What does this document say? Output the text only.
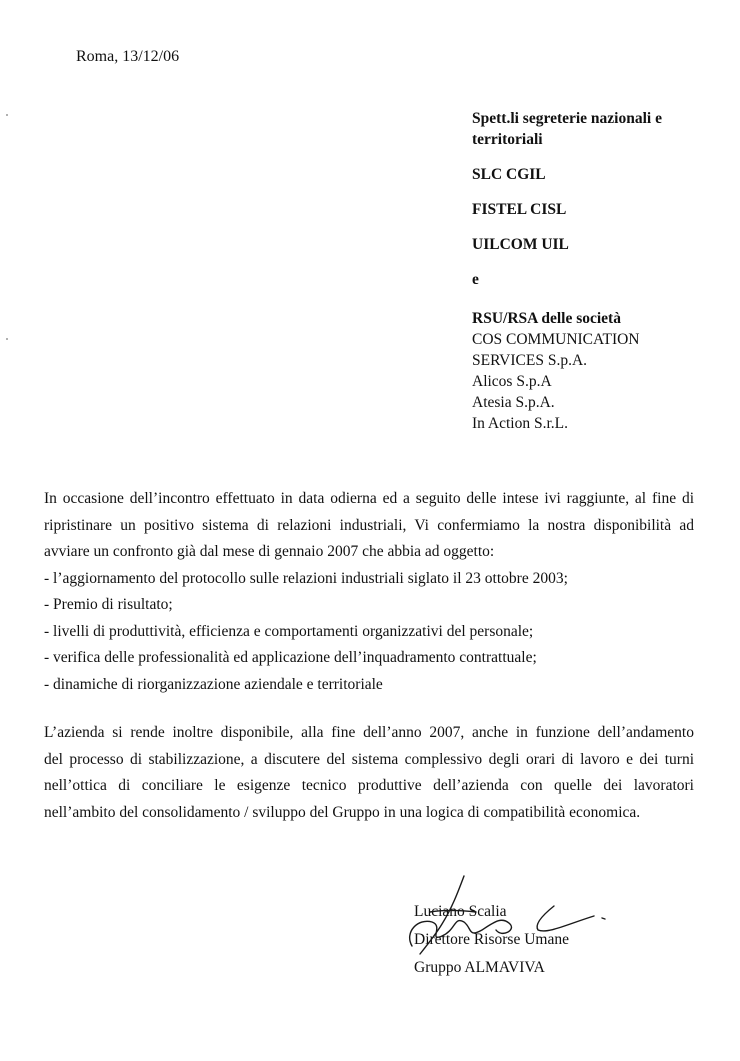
Roma, 13/12/06
Spett.li segreterie nazionali e
territoriali
SLC CGIL
FISTEL CISL
UILCOM UIL
e
RSU/RSA delle società
COS COMMUNICATION
SERVICES S.p.A.
Alicos S.p.A
Atesia S.p.A.
In Action S.r.L.

In occasione dell’incontro effettuato in data odierna ed a seguito delle intese ivi raggiunte, al fine di
ripristinare un positivo sistema di relazioni industriali, Vi confermiamo la nostra disponibilità ad
avviare un confronto già dal mese di gennaio 2007 che abbia ad oggetto:

- l’aggiornamento del protocollo sulle relazioni industriali siglato il 23 ottobre 2003;
- Premio di risultato;
- livelli di produttività, efficienza e comportamenti organizzativi del personale;
- verifica delle professionalità ed applicazione dell’inquadramento contrattuale;
- dinamiche di riorganizzazione aziendale e territoriale

L’azienda si rende inoltre disponibile, alla fine dell’anno 2007, anche in funzione dell’andamento
del processo di stabilizzazione, a discutere del sistema complessivo degli orari di lavoro e dei turni
nell’ottica di conciliare le esigenze tecnico produttive dell’azienda con quelle dei lavoratori
nell’ambito del consolidamento / sviluppo del Gruppo in una logica di compatibilità economica.

Luciano Scalia
Direttore Risorse Umane
Gruppo ALMAVIVA
